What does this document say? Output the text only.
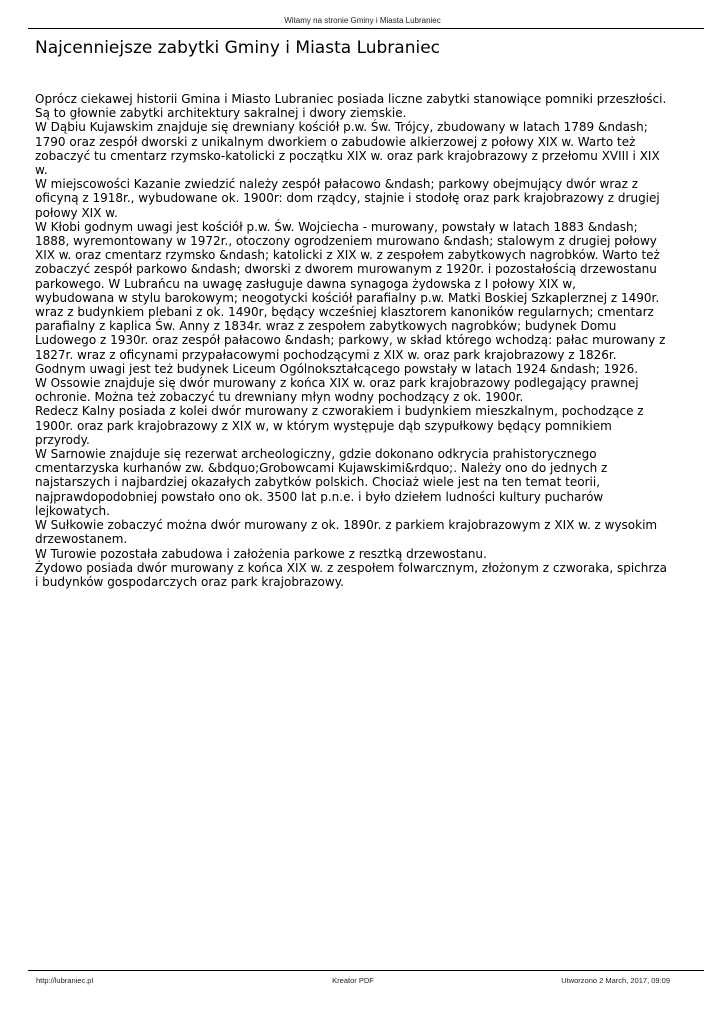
Witamy na stronie Gminy i Miasta Lubraniec
Najcenniejsze zabytki Gminy i Miasta Lubraniec
Oprócz ciekawej historii Gmina i Miasto Lubraniec posiada liczne zabytki stanowiące pomniki przeszłości.
Są to głownie zabytki architektury sakralnej i dwory ziemskie.
W Dąbiu Kujawskim znajduje się drewniany kościół p.w. Św. Trójcy, zbudowany w latach 1789 &ndash;
1790 oraz zespół dworski z unikalnym dworkiem o zabudowie alkierzowej z połowy XIX w. Warto też
zobaczyć tu cmentarz rzymsko-katolicki z początku XIX w. oraz park krajobrazowy z przełomu XVIII i XIX
w.
W miejscowości Kazanie zwiedzić należy zespół pałacowo &ndash; parkowy obejmujący dwór wraz z
oficyną z 1918r., wybudowane ok. 1900r: dom rządcy, stajnie i stodołę oraz park krajobrazowy z drugiej
połowy XIX w.
W Kłobi godnym uwagi jest kościół p.w. Św. Wojciecha - murowany, powstały w latach 1883 &ndash;
1888, wyremontowany w 1972r., otoczony ogrodzeniem murowano &ndash; stalowym z drugiej połowy
XIX w. oraz cmentarz rzymsko &ndash; katolicki z XIX w. z zespołem zabytkowych nagrobków. Warto też
zobaczyć zespół parkowo &ndash; dworski z dworem murowanym z 1920r. i pozostałością drzewostanu
parkowego. W Lubrańcu na uwagę zasługuje dawna synagoga żydowska z I połowy XIX w,
wybudowana w stylu barokowym; neogotycki kościół parafialny p.w. Matki Boskiej Szkaplerznej z 1490r.
wraz z budynkiem plebani z ok. 1490r, będący wcześniej klasztorem kanoników regularnych; cmentarz
parafialny z kaplica Św. Anny z 1834r. wraz z zespołem zabytkowych nagrobków; budynek Domu
Ludowego z 1930r. oraz zespół pałacowo &ndash; parkowy, w skład którego wchodzą: pałac murowany z
1827r. wraz z oficynami przypałacowymi pochodzącymi z XIX w. oraz park krajobrazowy z 1826r.
Godnym uwagi jest też budynek Liceum Ogólnokształcącego powstały w latach 1924 &ndash; 1926.
W Ossowie znajduje się dwór murowany z końca XIX w. oraz park krajobrazowy podlegający prawnej
ochronie. Można też zobaczyć tu drewniany młyn wodny pochodzący z ok. 1900r.
Redecz Kalny posiada z kolei dwór murowany z czworakiem i budynkiem mieszkalnym, pochodzące z
1900r. oraz park krajobrazowy z XIX w, w którym występuje dąb szypułkowy będący pomnikiem
przyrody.
W Sarnowie znajduje się rezerwat archeologiczny, gdzie dokonano odkrycia prahistorycznego
cmentarzyska kurhanów zw. &bdquo;Grobowcami Kujawskimi&rdquo;. Należy ono do jednych z
najstarszych i najbardziej okazałych zabytków polskich. Chociaż wiele jest na ten temat teorii,
najprawdopodobniej powstało ono ok. 3500 lat p.n.e. i było dziełem ludności kultury pucharów
lejkowatych.
W Sułkowie zobaczyć można dwór murowany z ok. 1890r. z parkiem krajobrazowym z XIX w. z wysokim
drzewostanem.
W Turowie pozostała zabudowa i założenia parkowe z resztką drzewostanu.
Żydowo posiada dwór murowany z końca XIX w. z zespołem folwarcznym, złożonym z czworaka, spichrza
i budynków gospodarczych oraz park krajobrazowy.
http://lubraniec.pl	Kreator PDF	Utworzono 2 March, 2017, 09:09
